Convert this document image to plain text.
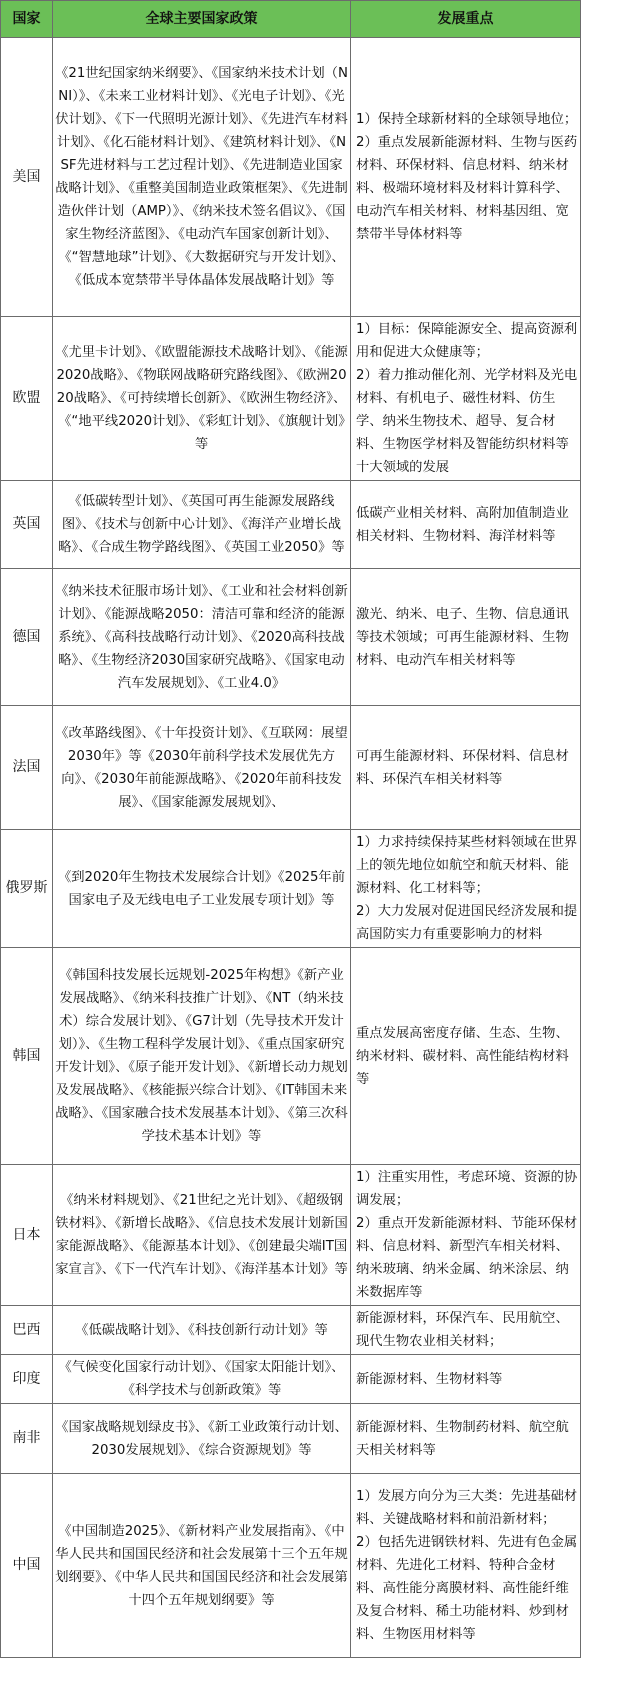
国家	全球主要国家政策	发展重点
美国	《21世纪国家纳米纲要》、《国家纳米技术计划（NNI）》、《未来工业材料计划》、《光电子计划》、《光伏计划》、《下一代照明光源计划》、《先进汽车材料计划》、《化石能材料计划》、《建筑材料计划》、《NSF先进材料与工艺过程计划》、《先进制造业国家战略计划》、《重整美国制造业政策框架》、《先进制造伙伴计划（AMP）》、《纳米技术签名倡议》、《国家生物经济蓝图》、《电动汽车国家创新计划》、《“智慧地球”计划》、《大数据研究与开发计划》、《低成本宽禁带半导体晶体发展战略计划》等	1）保持全球新材料的全球领导地位；
2）重点发展新能源材料、生物与医药材料、环保材料、信息材料、纳米材料、极端环境材料及材料计算科学、电动汽车相关材料、材料基因组、宽禁带半导体材料等

欧盟	《尤里卡计划》、《欧盟能源技术战略计划》、《能源2020战略》、《物联网战略研究路线图》、《欧洲2020战略》、《可持续增长创新》、《欧洲生物经济》、《“地平线2020计划》、《彩虹计划》、《旗舰计划》等	1）目标：保障能源安全、提高资源利用和促进大众健康等；
2）着力推动催化剂、光学材料及光电材料、有机电子、磁性材料、仿生学、纳米生物技术、超导、复合材料、生物医学材料及智能纺织材料等十大领域的发展

英国	《低碳转型计划》、《英国可再生能源发展路线图》、《技术与创新中心计划》、《海洋产业增长战略》、《合成生物学路线图》、《英国工业2050》等	低碳产业相关材料、高附加值制造业相关材料、生物材料、海洋材料等
德国	《纳米技术征服市场计划》、《工业和社会材料创新计划》、《能源战略2050：清洁可靠和经济的能源系统》、《高科技战略行动计划》、《2020高科技战略》、《生物经济2030国家研究战略》、《国家电动汽车发展规划》、《工业4.0》	激光、纳米、电子、生物、信息通讯等技术领域；可再生能源材料、生物材料、电动汽车相关材料等
法国	《改革路线图》、《十年投资计划》、《互联网：展望2030年》等《2030年前科学技术发展优先方向》、《2030年前能源战略》、《2020年前科技发展》、《国家能源发展规划》、	可再生能源材料、环保材料、信息材料、环保汽车相关材料等
俄罗斯	《到2020年生物技术发展综合计划》《2025年前国家电子及无线电电子工业发展专项计划》等	1）力求持续保持某些材料领域在世界上的领先地位如航空和航天材料、能源材料、化工材料等；
2）大力发展对促进国民经济发展和提高国防实力有重要影响力的材料

韩国	《韩国科技发展长远规划-2025年构想》《新产业发展战略》、《纳米科技推广计划》、《NT（纳米技术）综合发展计划》、《G7计划（先导技术开发计划）》、《生物工程科学发展计划》、《重点国家研究开发计划》、《原子能开发计划》、《新增长动力规划及发展战略》、《核能振兴综合计划》、《IT韩国未来战略》、《国家融合技术发展基本计划》、《第三次科学技术基本计划》等	重点发展高密度存储、生态、生物、纳米材料、碳材料、高性能结构材料等
日本	《纳米材料规划》、《21世纪之光计划》、《超级钢铁材料》、《新增长战略》、《信息技术发展计划新国家能源战略》、《能源基本计划》、《创建最尖端IT国家宣言》、《下一代汽车计划》、《海洋基本计划》等	1）注重实用性，考虑环境、资源的协调发展；
2）重点开发新能源材料、节能环保材料、信息材料、新型汽车相关材料、纳米玻璃、纳米金属、纳米涂层、纳米数据库等

巴西	《低碳战略计划》、《科技创新行动计划》等	新能源材料，环保汽车、民用航空、现代生物农业相关材料；
印度	《气候变化国家行动计划》、《国家太阳能计划》、《科学技术与创新政策》等	新能源材料、生物材料等
南非	《国家战略规划绿皮书》、《新工业政策行动计划、2030发展规划》、《综合资源规划》等	新能源材料、生物制药材料、航空航天相关材料等
中国	《中国制造2025》、《新材料产业发展指南》、《中华人民共和国国民经济和社会发展第十三个五年规划纲要》、《中华人民共和国国民经济和社会发展第十四个五年规划纲要》等	1）发展方向分为三大类：先进基础材料、关键战略材料和前沿新材料；
2）包括先进钢铁材料、先进有色金属材料、先进化工材料、特种合金材料、高性能分离膜材料、高性能纤维及复合材料、稀土功能材料、炒到材料、生物医用材料等
